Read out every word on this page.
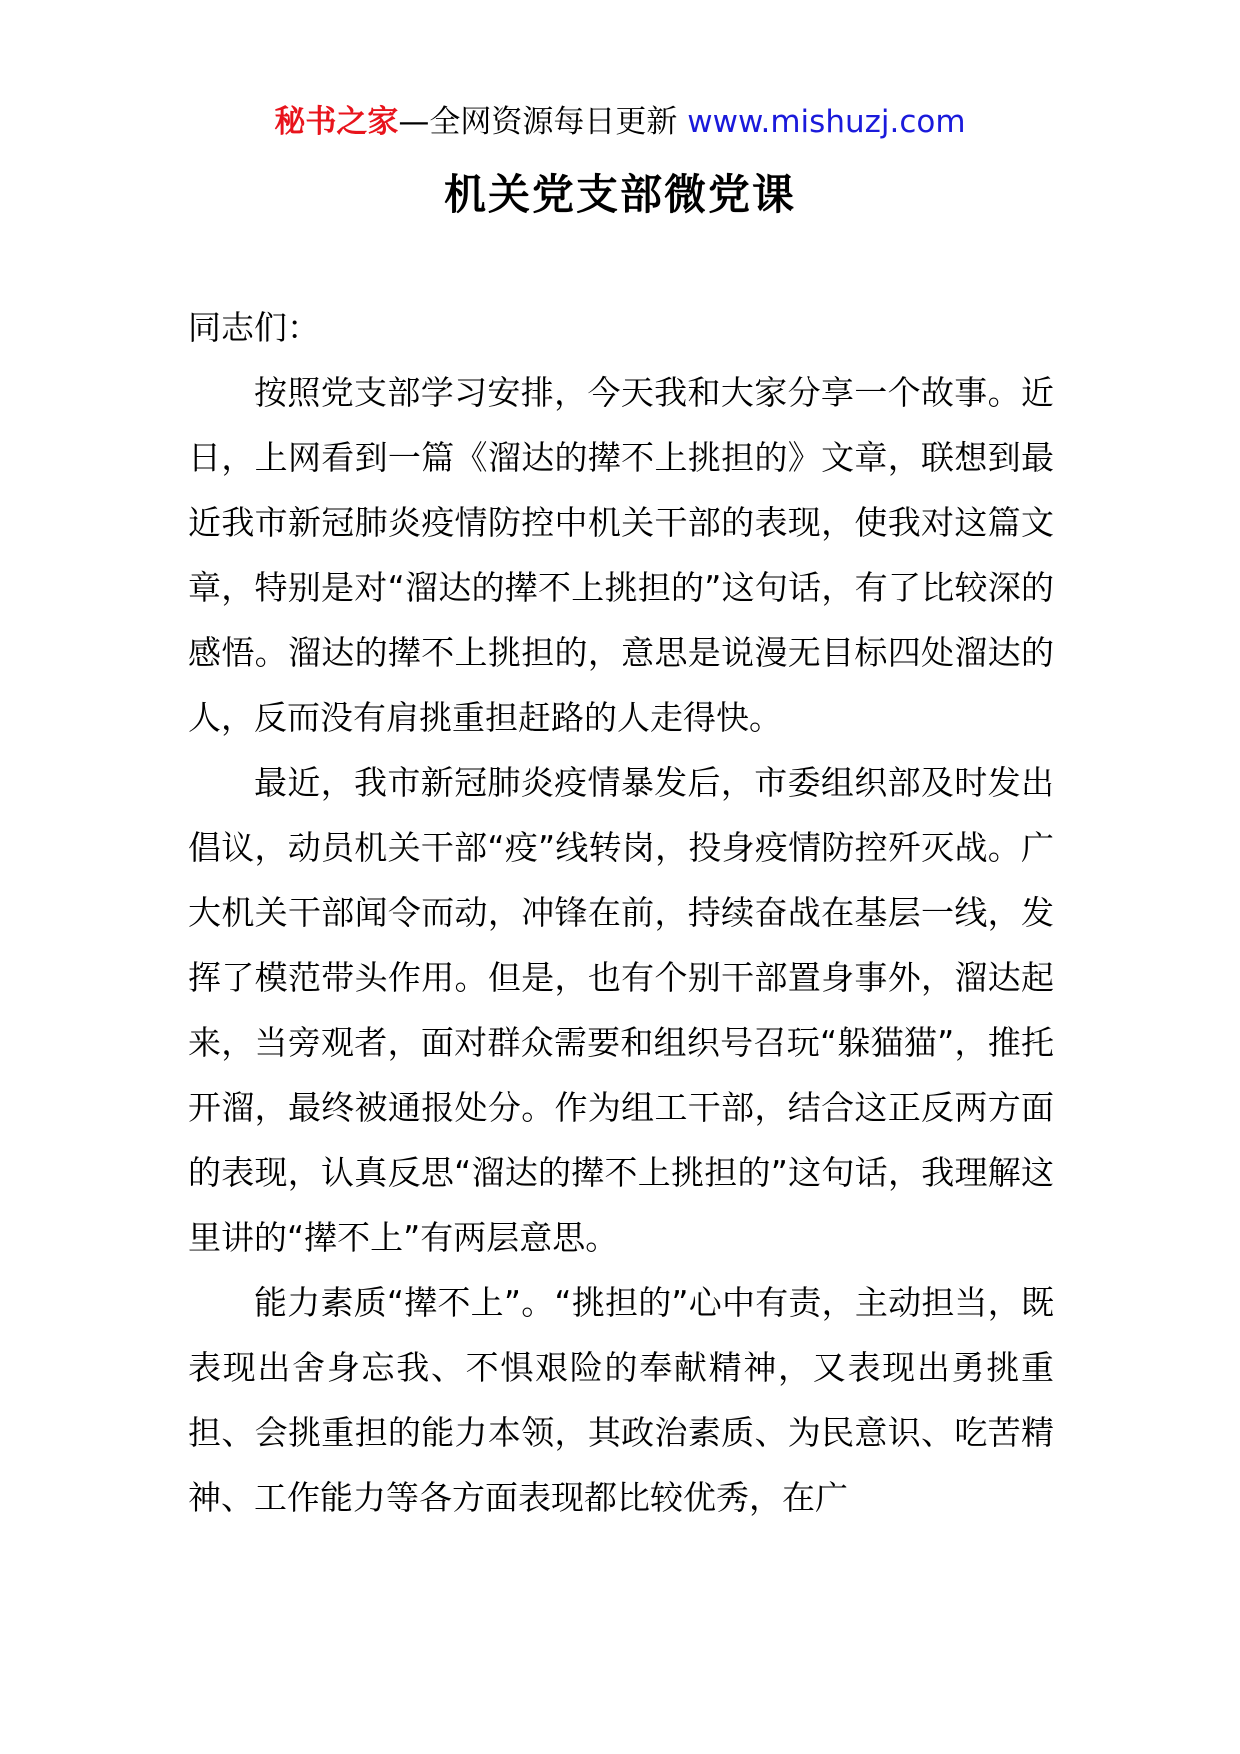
秘书之家—全网资源每日更新 www.mishuzj.com
机关党支部微党课

同志们：

按照党支部学习安排，今天我和大家分享一个故事。近日，上网看到一篇《溜达的撵不上挑担的》文章，联想到最近我市新冠肺炎疫情防控中机关干部的表现，使我对这篇文章，特别是对“溜达的撵不上挑担的”这句话，有了比较深的感悟。溜达的撵不上挑担的，意思是说漫无目标四处溜达的人，反而没有肩挑重担赶路的人走得快。

最近，我市新冠肺炎疫情暴发后，市委组织部及时发出倡议，动员机关干部“疫”线转岗，投身疫情防控歼灭战。广大机关干部闻令而动，冲锋在前，持续奋战在基层一线，发挥了模范带头作用。但是，也有个别干部置身事外，溜达起来，当旁观者，面对群众需要和组织号召玩“躲猫猫”，推托开溜，最终被通报处分。作为组工干部，结合这正反两方面的表现，认真反思“溜达的撵不上挑担的”这句话，我理解这里讲的“撵不上”有两层意思。

能力素质“撵不上”。“挑担的”心中有责，主动担当，既表现出舍身忘我、不惧艰险的奉献精神，又表现出勇挑重担、会挑重担的能力本领，其政治素质、为民意识、吃苦精神、工作能力等各方面表现都比较优秀，在广
